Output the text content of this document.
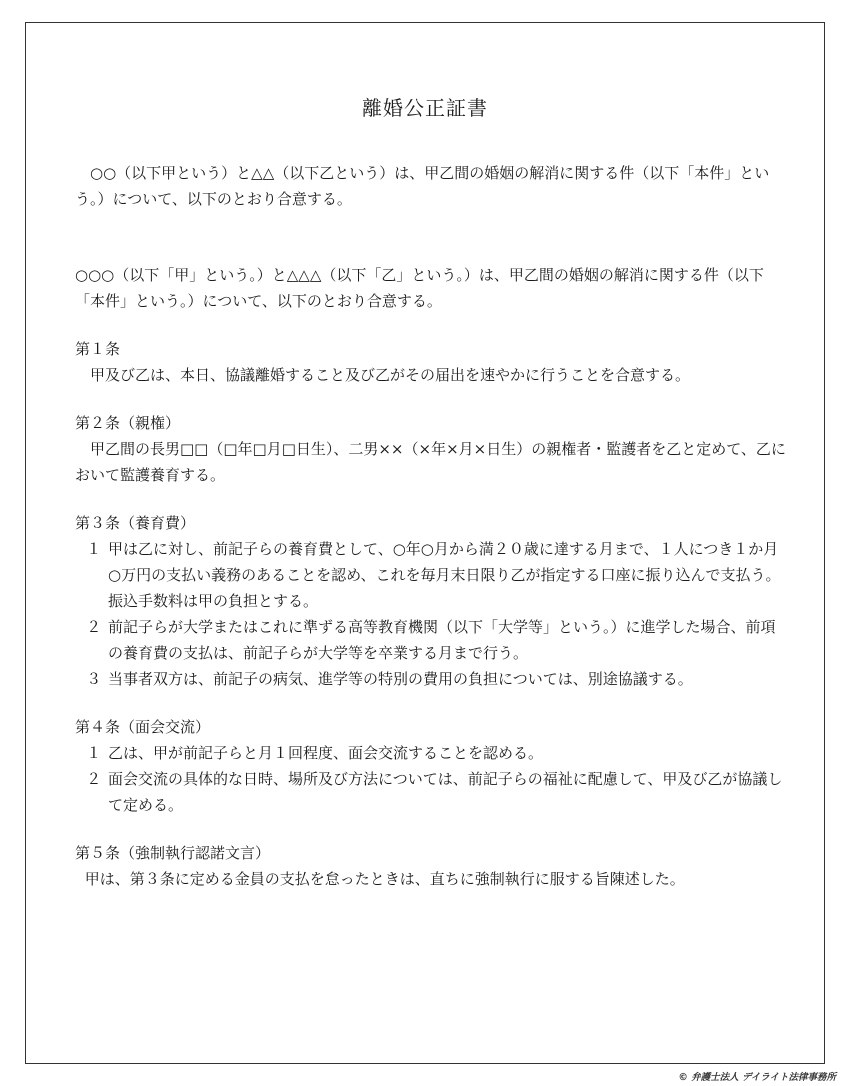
離婚公正証書

○○（以下甲という）と△△（以下乙という）は、甲乙間の婚姻の解消に関する件（以下「本件」という。）について、以下のとおり合意する。

○○○（以下「甲」という。）と△△△（以下「乙」という。）は、甲乙間の婚姻の解消に関する件（以下「本件」という。）について、以下のとおり合意する。

第１条

甲及び乙は、本日、協議離婚すること及び乙がその届出を速やかに行うことを合意する。

第２条（親権）

甲乙間の長男□□（□年□月□日生）、二男××（×年×月×日生）の親権者・監護者を乙と定めて、乙において監護養育する。

第３条（養育費）

１ 甲は乙に対し、前記子らの養育費として、○年○月から満２０歳に達する月まで、１人につき１か月○万円の支払い義務のあることを認め、これを毎月末日限り乙が指定する口座に振り込んで支払う。振込手数料は甲の負担とする。
２ 前記子らが大学またはこれに準ずる高等教育機関（以下「大学等」という。）に進学した場合、前項の養育費の支払は、前記子らが大学等を卒業する月まで行う。
３ 当事者双方は、前記子の病気、進学等の特別の費用の負担については、別途協議する。

第４条（面会交流）

１ 乙は、甲が前記子らと月１回程度、面会交流することを認める。
２ 面会交流の具体的な日時、場所及び方法については、前記子らの福祉に配慮して、甲及び乙が協議して定める。

第５条（強制執行認諾文言）

甲は、第３条に定める金員の支払を怠ったときは、直ちに強制執行に服する旨陳述した。

© 弁護士法人 デイライト法律事務所
